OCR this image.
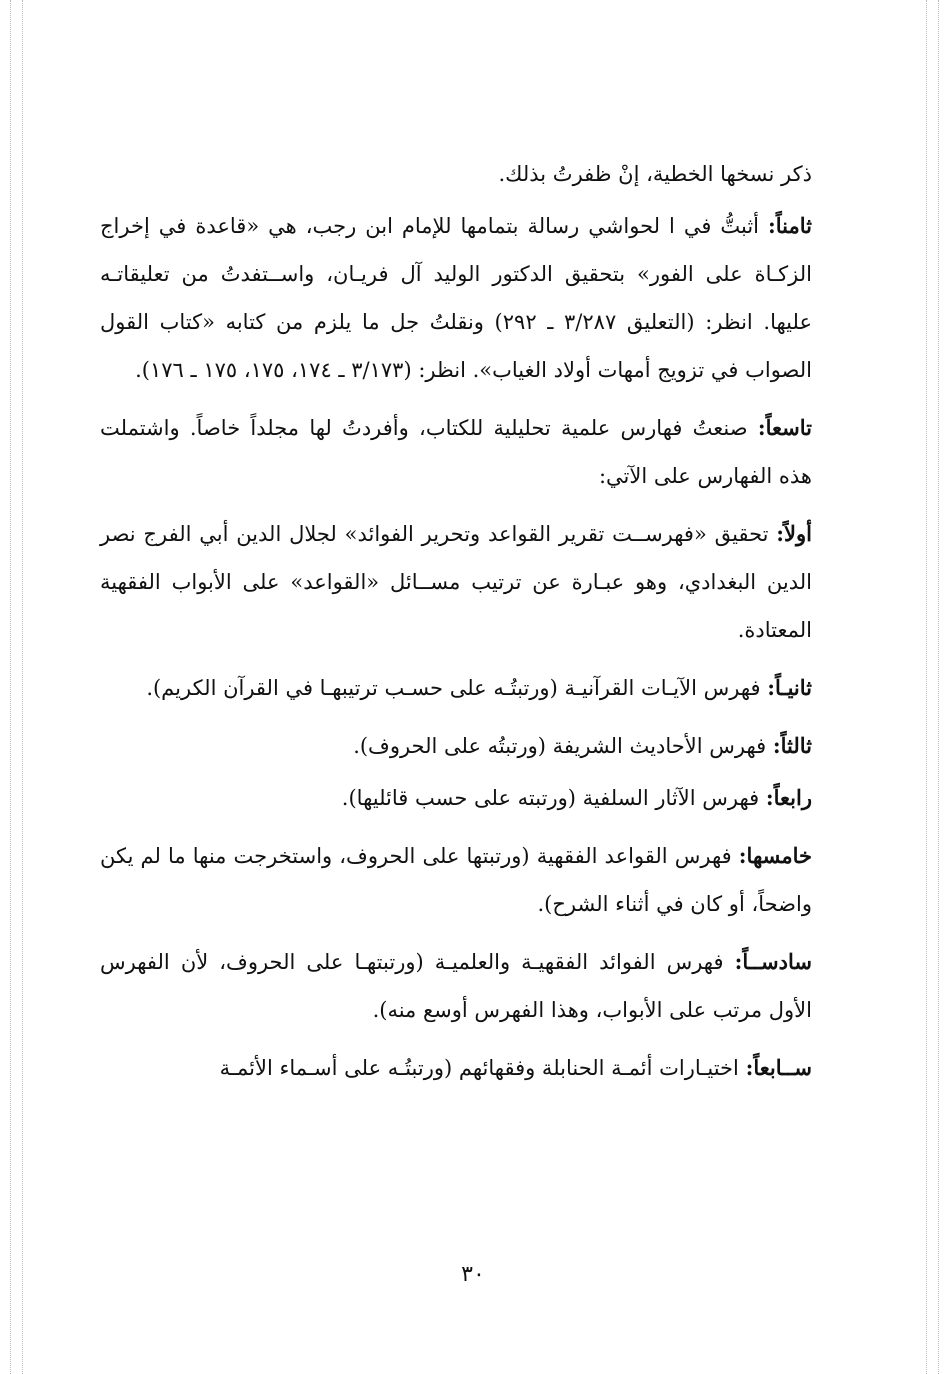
ذكر نسخها الخطية، إنْ ظفرتُ بذلك.

ثامناً: أثبتُّ في ا لحواشي رسالة بتمامها للإمام ابن رجب، هي «قاعدة في إخراج الزكـاة على الفور» بتحقيق الدكتور الوليد آل فريـان، واســتفدتُ من تعليقاتـه عليها. انظر: (التعليق ٣/٢٨٧ ـ ٢٩٢) ونقلتُ جل ما يلزم من كتابه «كتاب القول الصواب في تزويج أمهات أولاد الغياب». انظر: (٣/١٧٣ ـ ١٧٤، ١٧٥، ١٧٥ ـ ١٧٦).

تاسعاً: صنعتُ فهارس علمية تحليلية للكتاب، وأفردتُ لها مجلداً خاصاً. واشتملت هذه الفهارس على الآتي:

أولاً: تحقيق «فهرســت تقرير القواعد وتحرير الفوائد» لجلال الدين أبي الفرج نصر الدين البغدادي، وهو عبـارة عن ترتيب مســائل «القواعد» على الأبواب الفقهية المعتادة.

ثانيـاً: فهرس الآيـات القرآنيـة (ورتبتُـه على حسـب ترتيبهـا في القرآن الكريم).

ثالثاً: فهرس الأحاديث الشريفة (ورتبتُه على الحروف).

رابعاً: فهرس الآثار السلفية (ورتبته على حسب قائليها).

خامسها: فهرس القواعد الفقهية (ورتبتها على الحروف، واستخرجت منها ما لم يكن واضحاً، أو كان في أثناء الشرح).

سادســاً: فهرس الفوائد الفقهيـة والعلميـة (ورتبتهـا على الحروف، لأن الفهرس الأول مرتب على الأبواب، وهذا الفهرس أوسع منه).

ســابعاً: اختيـارات أئمـة الحنابلة وفقهائهم (ورتبتُـه على أسـماء الأئمـة

٣٠
